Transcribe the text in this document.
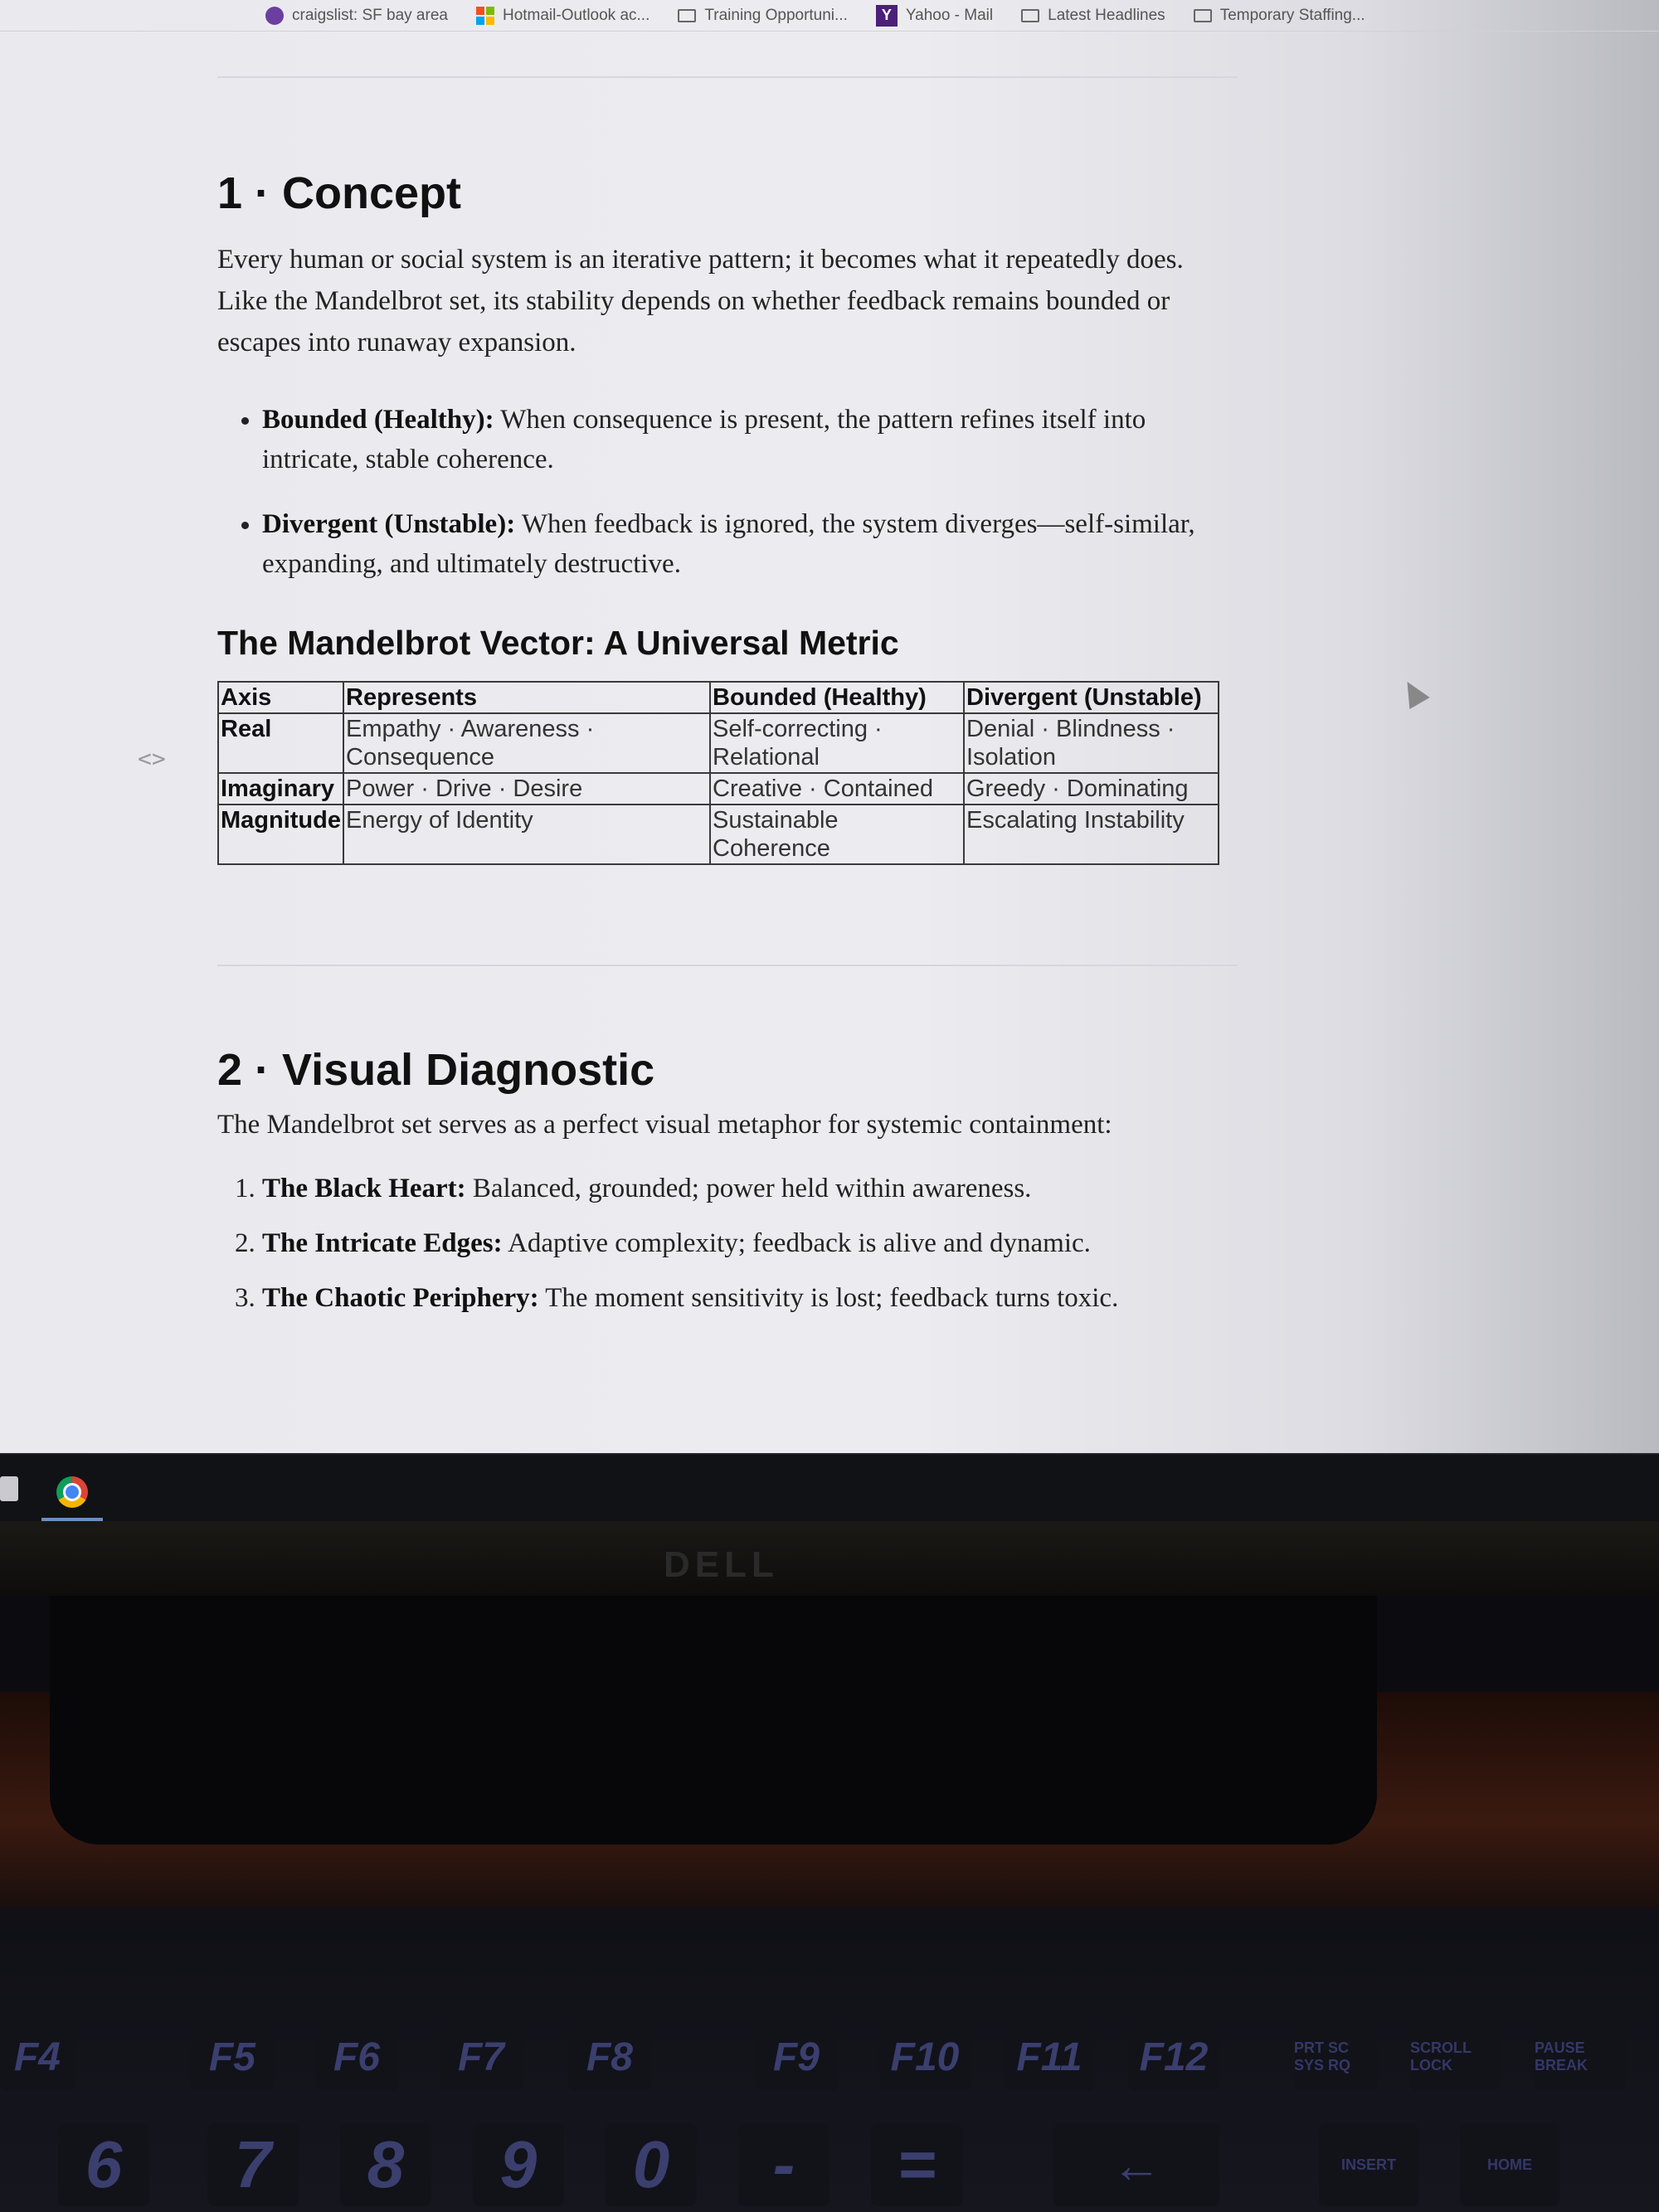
craigslist: SF bay area	Hotmail-Outlook ac...	Training Opportuni...	Y Yahoo - Mail	Latest Headlines	Temporary Staffing...
1 · Concept

Every human or social system is an iterative pattern; it becomes what it repeatedly does. Like the Mandelbrot set, its stability depends on whether feedback remains bounded or escapes into runaway expansion.

• Bounded (Healthy): When consequence is present, the pattern refines itself into intricate, stable coherence.
• Divergent (Unstable): When feedback is ignored, the system diverges—self-similar, expanding, and ultimately destructive.
The Mandelbrot Vector: A Universal Metric
Axis	Represents	Bounded (Healthy)	Divergent (Unstable)
Real	Empathy · Awareness · Consequence	Self-correcting · Relational	Denial · Blindness · Isolation
Imaginary	Power · Drive · Desire	Creative · Contained	Greedy · Dominating
Magnitude	Energy of Identity	Sustainable Coherence	Escalating Instability
2 · Visual Diagnostic

The Mandelbrot set serves as a perfect visual metaphor for systemic containment:

1. The Black Heart: Balanced, grounded; power held within awareness.
2. The Intricate Edges: Adaptive complexity; feedback is alive and dynamic.
3. The Chaotic Periphery: The moment sensitivity is lost; feedback turns toxic.
<>
DELL
F4	F5	F6	F7	F8	F9	F10	F11	F12	PRT SC SYS RQ
SCROLL LOCK
PAUSE BREAK
6	7	8	9	0	-	=	←	INSERT	HOME
